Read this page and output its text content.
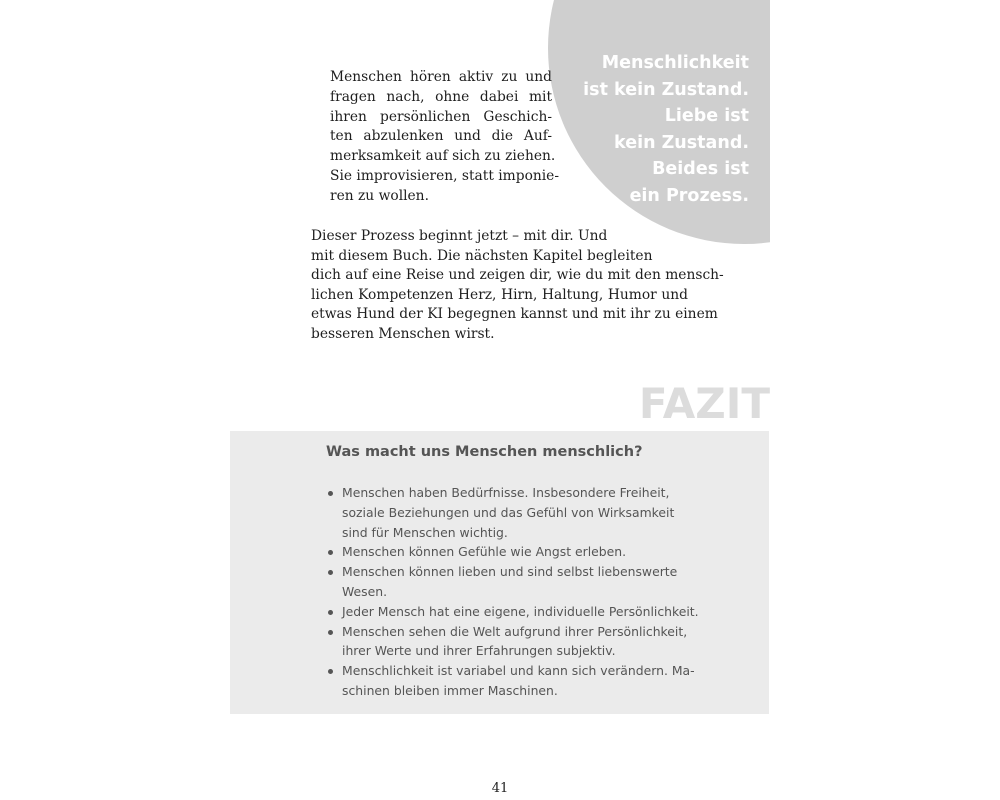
Menschlichkeit
ist kein Zustand.
Liebe ist
kein Zustand.
Beides ist
ein Prozess.
Menschen hören aktiv zu und
fragen nach, ohne dabei mit
ihren persönlichen Geschich-
ten abzulenken und die Auf-
merksamkeit auf sich zu ziehen.
Sie improvisieren, statt imponie-
ren zu wollen.
Dieser Prozess beginnt jetzt – mit dir. Und
mit diesem Buch. Die nächsten Kapitel begleiten
dich auf eine Reise und zeigen dir, wie du mit den mensch-
lichen Kompetenzen Herz, Hirn, Haltung, Humor und
etwas Hund der KI begegnen kannst und mit ihr zu einem
besseren Menschen wirst.
FAZIT
Was macht uns Menschen menschlich?
Menschen haben Bedürfnisse. Insbesondere Freiheit,
soziale Beziehungen und das Gefühl von Wirksamkeit
sind für Menschen wichtig.
Menschen können Gefühle wie Angst erleben.
Menschen können lieben und sind selbst liebenswerte
Wesen.
Jeder Mensch hat eine eigene, individuelle Persönlichkeit.
Menschen sehen die Welt aufgrund ihrer Persönlichkeit,
ihrer Werte und ihrer Erfahrungen subjektiv.
Menschlichkeit ist variabel und kann sich verändern. Ma-
schinen bleiben immer Maschinen.
41
